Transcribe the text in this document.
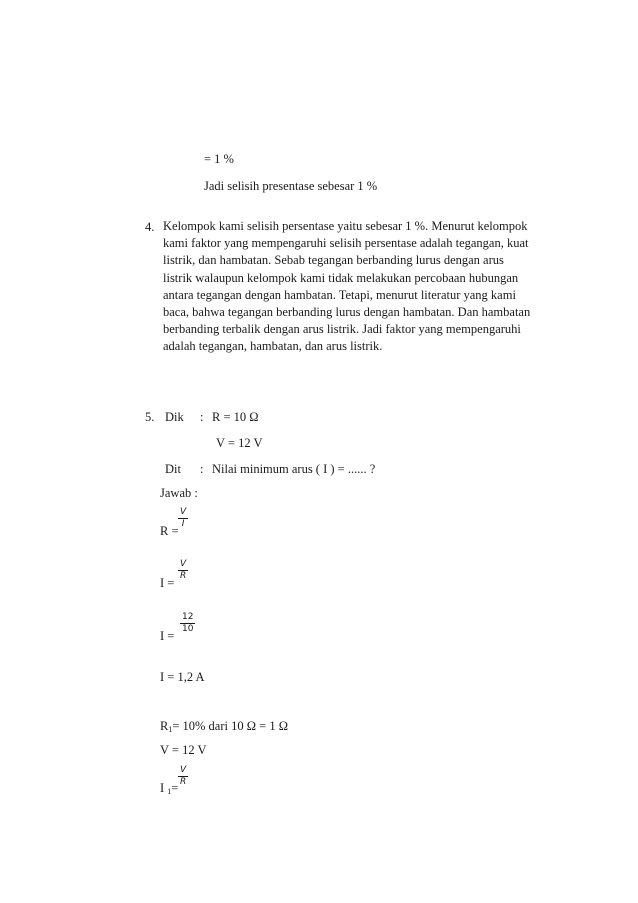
= 1 %
Jadi selisih presentase sebesar 1 %
4. Kelompok kami selisih persentase yaitu sebesar 1 %. Menurut kelompok
kami faktor yang mempengaruhi selisih persentase adalah tegangan, kuat
listrik, dan hambatan. Sebab tegangan berbanding lurus dengan arus
listrik walaupun kelompok kami tidak melakukan percobaan hubungan
antara tegangan dengan hambatan. Tetapi, menurut literatur yang kami
baca, bahwa tegangan berbanding lurus dengan hambatan. Dan hambatan
berbanding terbalik dengan arus listrik. Jadi faktor yang mempengaruhi
adalah tegangan, hambatan, dan arus listrik.
5. Dik : R = 10 Ω
V = 12 V
Dit : Nilai minimum arus ( I ) = ...... ?
Jawab :
R =
$\frac{V}{I}$
I =
$\frac{V}{R}$
I =
$\frac{12}{10}$
I = 1,2 A
$R_1= 10\%$ dari 10 Ω = 1 Ω
V = 12 V
I $_1= \frac{V}{R}$
